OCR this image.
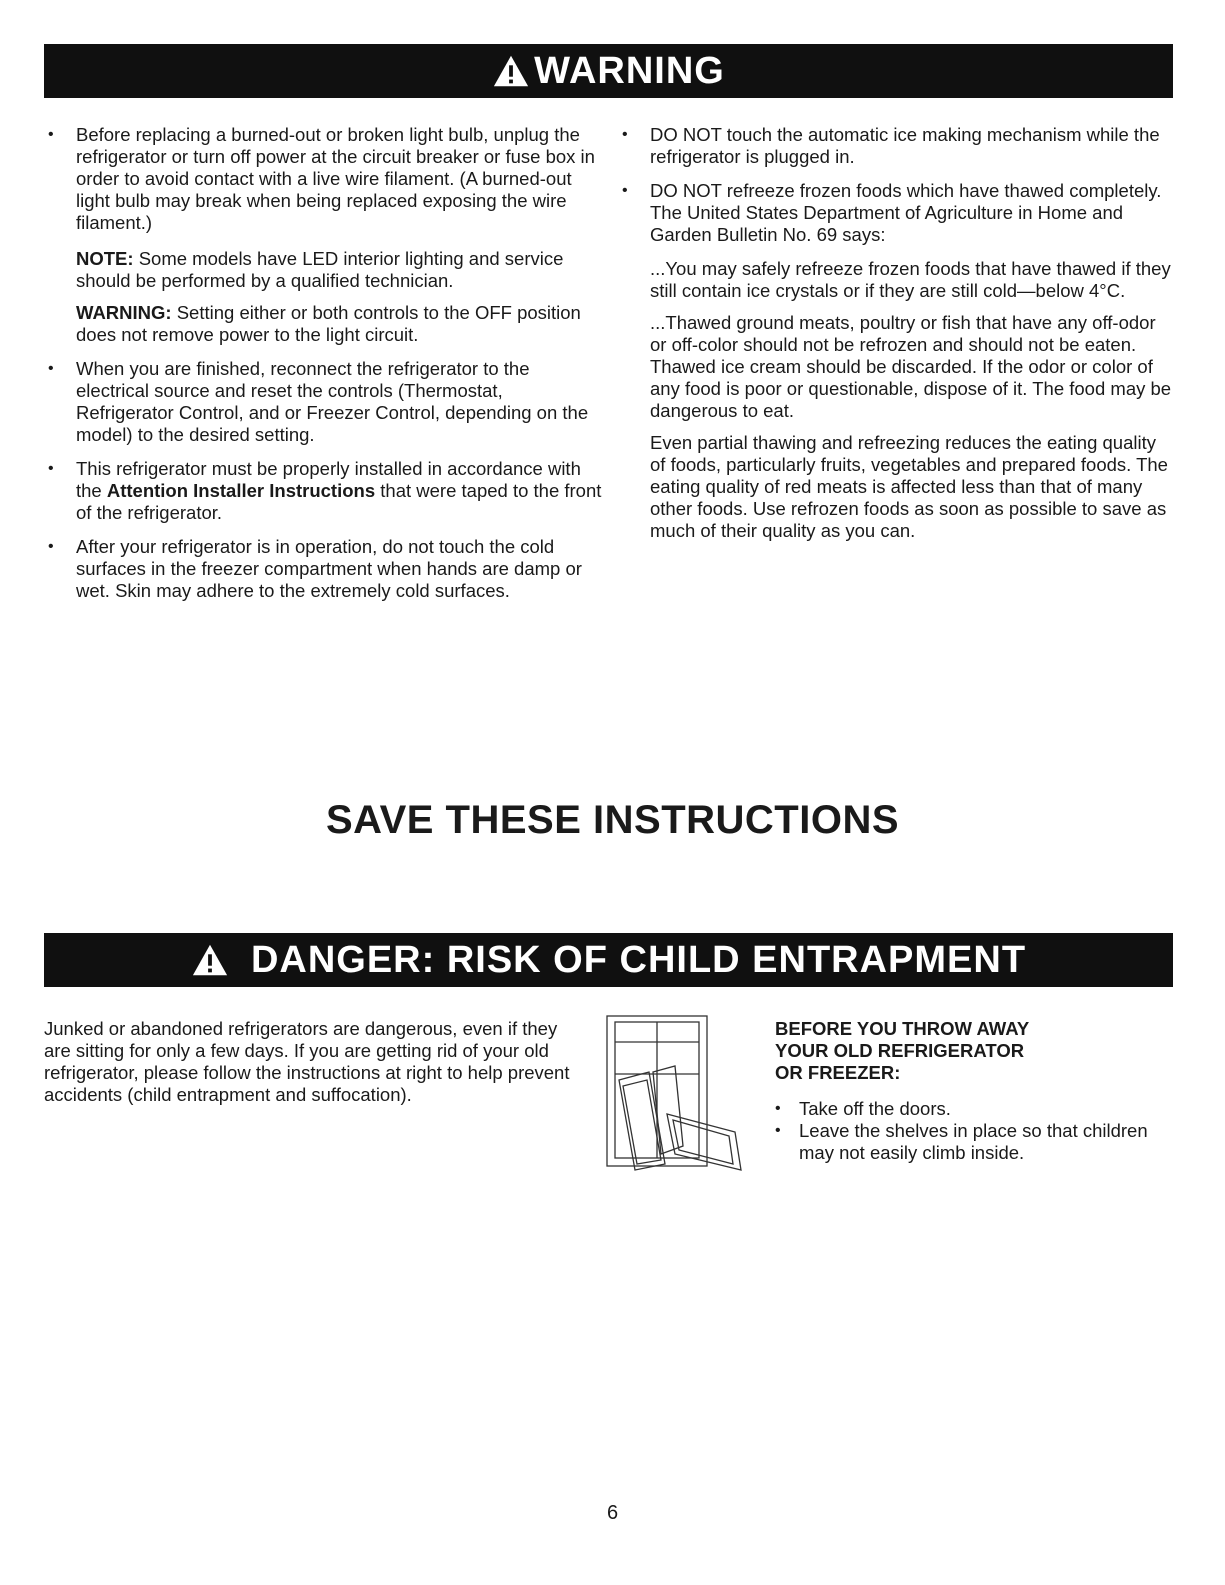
WARNING
• Before replacing a burned-out or broken light bulb, unplug the refrigerator or turn off power at the circuit breaker or fuse box in order to avoid contact with a live wire filament. (A burned-out light bulb may break when being replaced exposing the wire filament.)
NOTE: Some models have LED interior lighting and service should be performed by a qualified technician.
WARNING: Setting either or both controls to the OFF position does not remove power to the light circuit.
• When you are finished, reconnect the refrigerator to the electrical source and reset the controls (Thermostat, Refrigerator Control, and or Freezer Control, depending on the model) to the desired setting.
• This refrigerator must be properly installed in accordance with the Attention Installer Instructions that were taped to the front of the refrigerator.
• After your refrigerator is in operation, do not touch the cold surfaces in the freezer compartment when hands are damp or wet. Skin may adhere to the extremely cold surfaces.
• DO NOT touch the automatic ice making mechanism while the refrigerator is plugged in.
• DO NOT refreeze frozen foods which have thawed completely. The United States Department of Agriculture in Home and Garden Bulletin No. 69 says:
...You may safely refreeze frozen foods that have thawed if they still contain ice crystals or if they are still cold—below 4°C.
...Thawed ground meats, poultry or fish that have any off-odor or off-color should not be refrozen and should not be eaten. Thawed ice cream should be discarded. If the odor or color of any food is poor or questionable, dispose of it. The food may be dangerous to eat.
Even partial thawing and refreezing reduces the eating quality of foods, particularly fruits, vegetables and prepared foods. The eating quality of red meats is affected less than that of many other foods. Use refrozen foods as soon as possible to save as much of their quality as you can.
SAVE THESE INSTRUCTIONS
DANGER: RISK OF CHILD ENTRAPMENT
Junked or abandoned refrigerators are dangerous, even if they are sitting for only a few days. If you are getting rid of your old refrigerator, please follow the instructions at right to help prevent accidents (child entrapment and suffocation).
BEFORE YOU THROW AWAY
YOUR OLD REFRIGERATOR
OR FREEZER:
• Take off the doors.
• Leave the shelves in place so that children may not easily climb inside.
6
